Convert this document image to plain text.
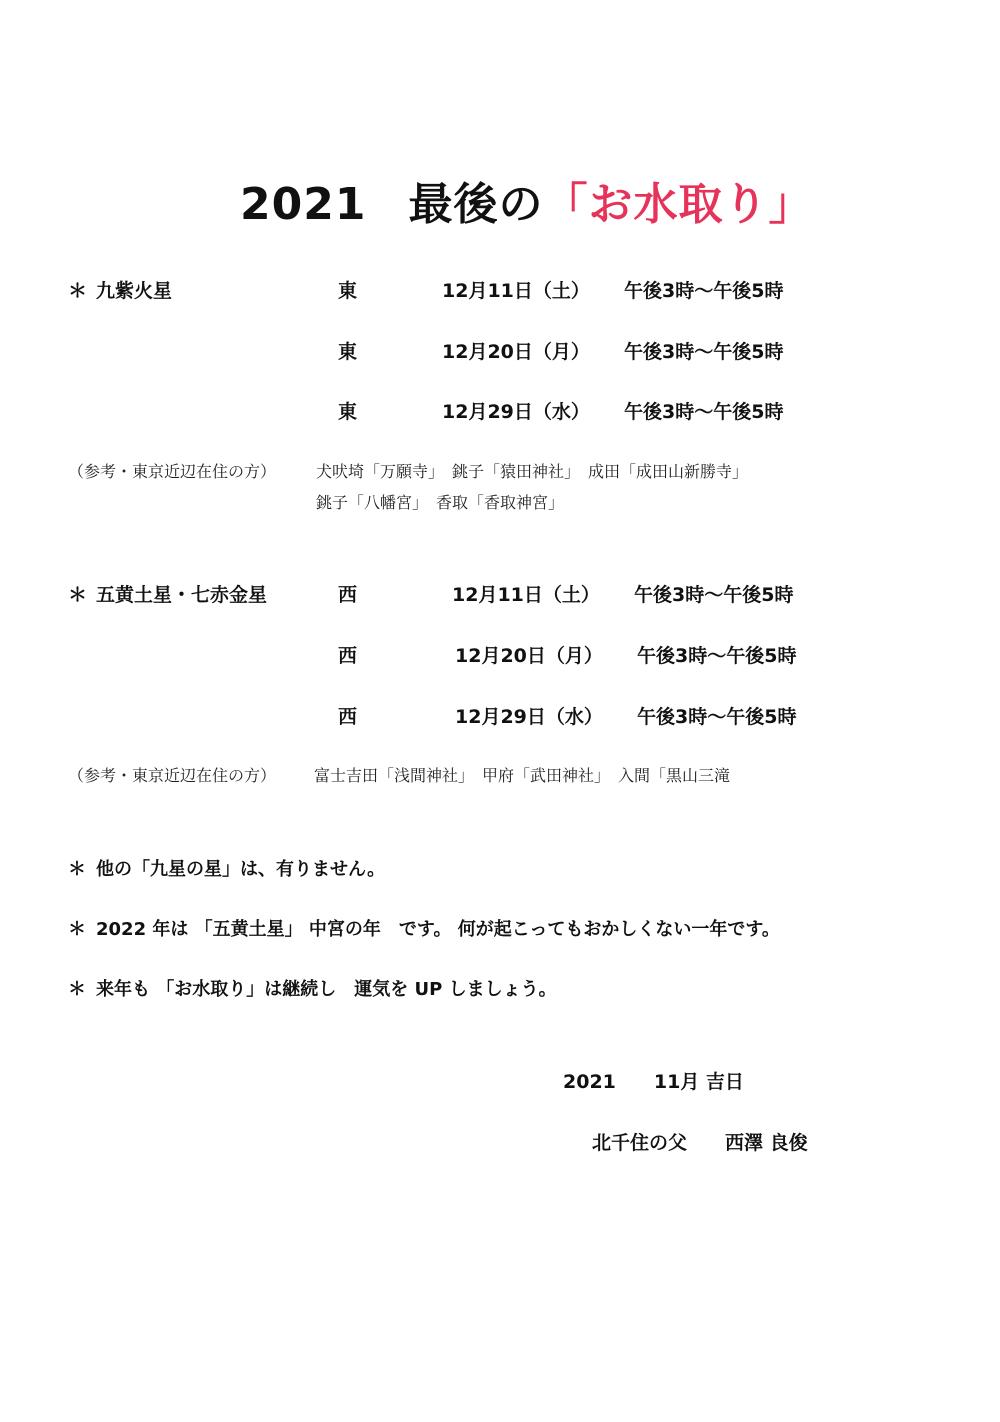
2021 最後の「お水取り」
＊ 九紫火星	東	12月11日（土） 午後3時～午後5時
東	12月20日（月） 午後3時～午後5時
東	12月29日（水） 午後3時～午後5時
（参考・東京近辺在住の方） 犬吠埼「万願寺」　銚子「猿田神社」　成田「成田山新勝寺」
銚子「八幡宮」　香取「香取神宮」
＊ 五黄土星・七赤金星	西	12月11日（土） 午後3時～午後5時
西	12月20日（月） 午後3時～午後5時
西	12月29日（水） 午後3時～午後5時
（参考・東京近辺在住の方） 富士吉田「浅間神社」　甲府「武田神社」　入間「黒山三滝
＊ 他の「九星の星」は、有りません。
＊ 2022 年は 「五黄土星」 中宮の年　です。 何が起こってもおかしくない一年です。
＊ 来年も 「お水取り」は継続し　運気を UP しましょう。
2021　　11月 吉日
北千住の父　　西澤 良俊
